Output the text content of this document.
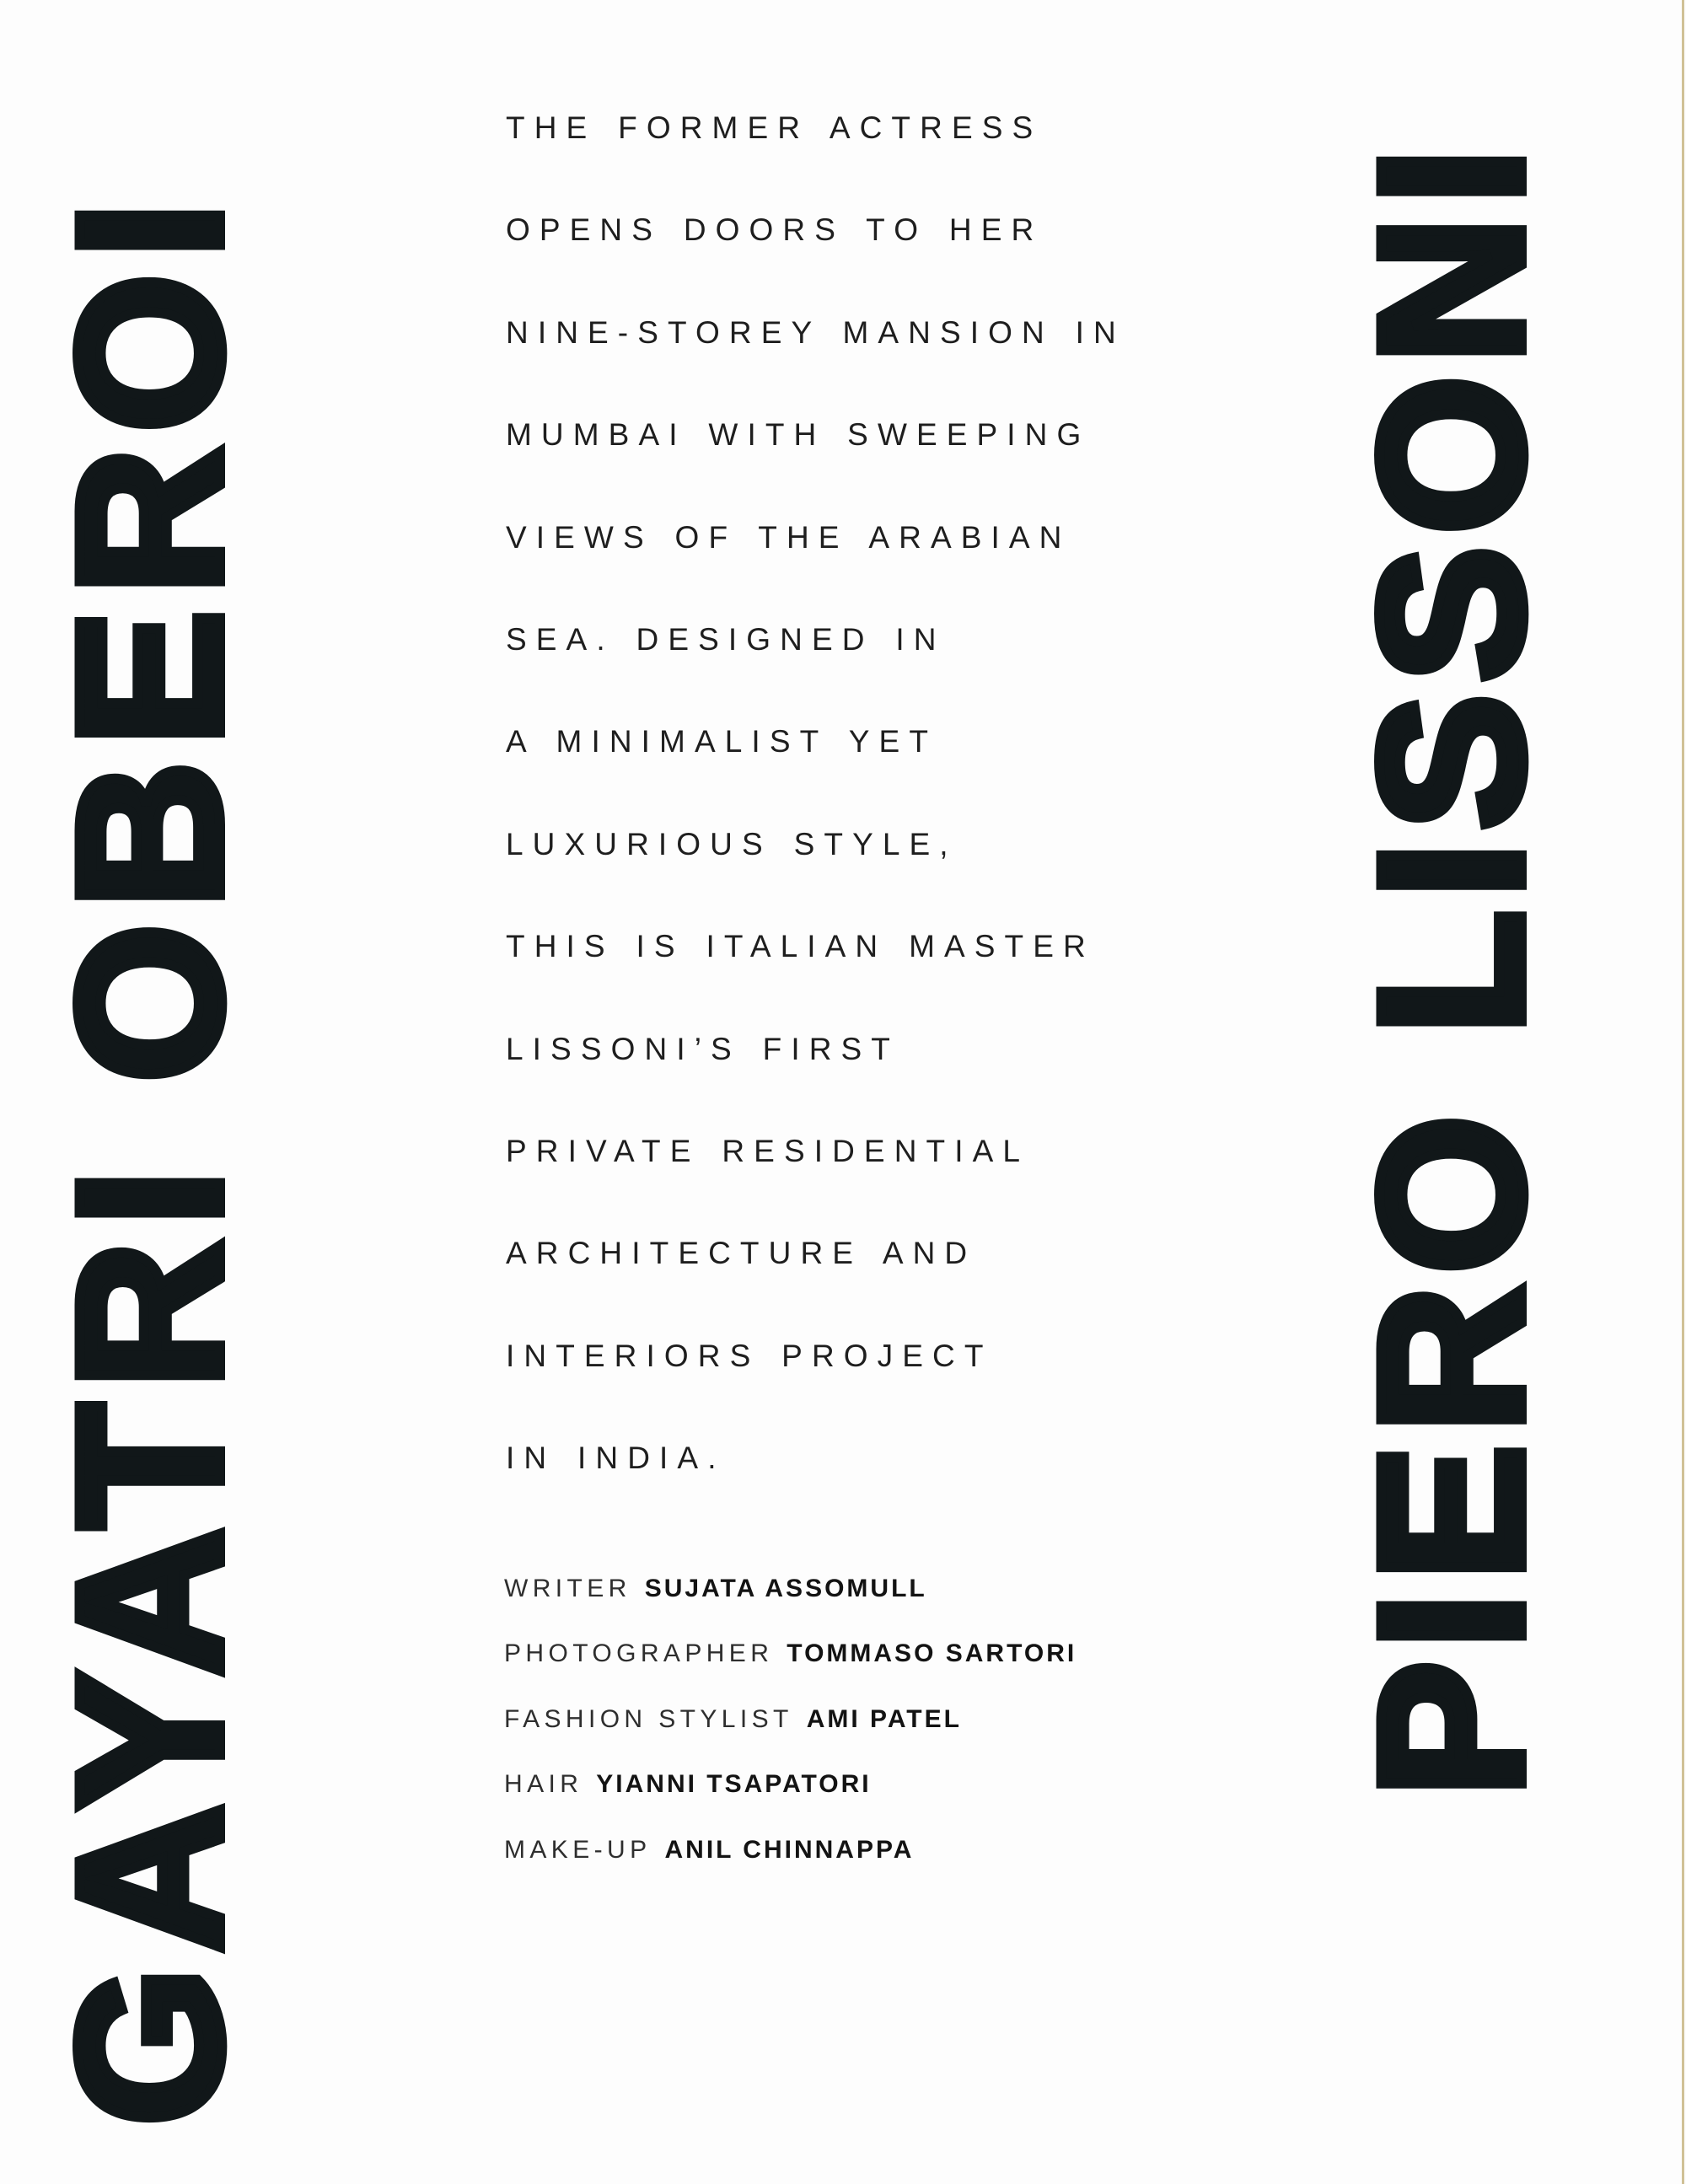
GAYATRI OBEROI	PIERO LISSONI
THE FORMER ACTRESS
OPENS DOORS TO HER
NINE-STOREY MANSION IN
MUMBAI WITH SWEEPING
VIEWS OF THE ARABIAN
SEA. DESIGNED IN
A MINIMALIST YET
LUXURIOUS STYLE,
THIS IS ITALIAN MASTER
LISSONI’S FIRST
PRIVATE RESIDENTIAL
ARCHITECTURE AND
INTERIORS PROJECT
IN INDIA.
WRITER SUJATA ASSOMULL
PHOTOGRAPHER TOMMASO SARTORI
FASHION STYLIST AMI PATEL
HAIR YIANNI TSAPATORI
MAKE-UP ANIL CHINNAPPA
